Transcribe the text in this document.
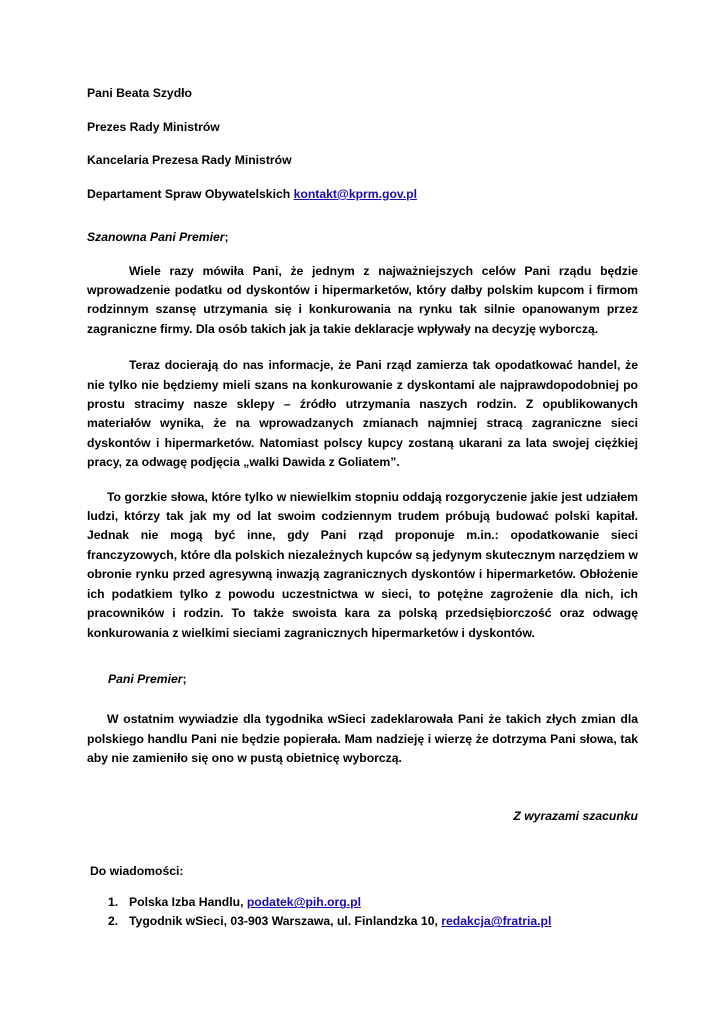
Pani Beata Szydło
Prezes Rady Ministrów
Kancelaria Prezesa Rady Ministrów
Departament Spraw Obywatelskich kontakt@kprm.gov.pl
Szanowna Pani Premier;

Wiele razy mówiła Pani, że jednym z najważniejszych celów Pani rządu będzie wprowadzenie podatku od dyskontów i hipermarketów, który dałby polskim kupcom i firmom rodzinnym szansę utrzymania się i konkurowania na rynku tak silnie opanowanym przez zagraniczne firmy. Dla osób takich jak ja takie deklaracje wpływały na decyzję wyborczą.

Teraz docierają do nas informacje, że Pani rząd zamierza tak opodatkować handel, że nie tylko nie będziemy mieli szans na konkurowanie z dyskontami ale najprawdopodobniej po prostu stracimy nasze sklepy – źródło utrzymania naszych rodzin. Z opublikowanych materiałów wynika, że na wprowadzanych zmianach najmniej stracą zagraniczne sieci dyskontów i hipermarketów. Natomiast polscy kupcy zostaną ukarani za lata swojej ciężkiej pracy, za odwagę podjęcia „walki Dawida z Goliatem”.

To gorzkie słowa, które tylko w niewielkim stopniu oddają rozgoryczenie jakie jest udziałem ludzi, którzy tak jak my od lat swoim codziennym trudem próbują budować polski kapitał. Jednak nie mogą być inne, gdy Pani rząd proponuje m.in.: opodatkowanie sieci franczyzowych, które dla polskich niezależnych kupców są jedynym skutecznym narzędziem w obronie rynku przed agresywną inwazją zagranicznych dyskontów i hipermarketów. Obłożenie ich podatkiem tylko z powodu uczestnictwa w sieci, to potężne zagrożenie dla nich, ich pracowników i rodzin. To także swoista kara za polską przedsiębiorczość oraz odwagę konkurowania z wielkimi sieciami zagranicznych hipermarketów i dyskontów.

Pani Premier;

W ostatnim wywiadzie dla tygodnika wSieci zadeklarowała Pani że takich złych zmian dla polskiego handlu Pani nie będzie popierała. Mam nadzieję i wierzę że dotrzyma Pani słowa, tak aby nie zamieniło się ono w pustą obietnicę wyborczą.

Z wyrazami szacunku
Do wiadomości:
1. Polska Izba Handlu, podatek@pih.org.pl
2. Tygodnik wSieci, 03-903 Warszawa, ul. Finlandzka 10, redakcja@fratria.pl
